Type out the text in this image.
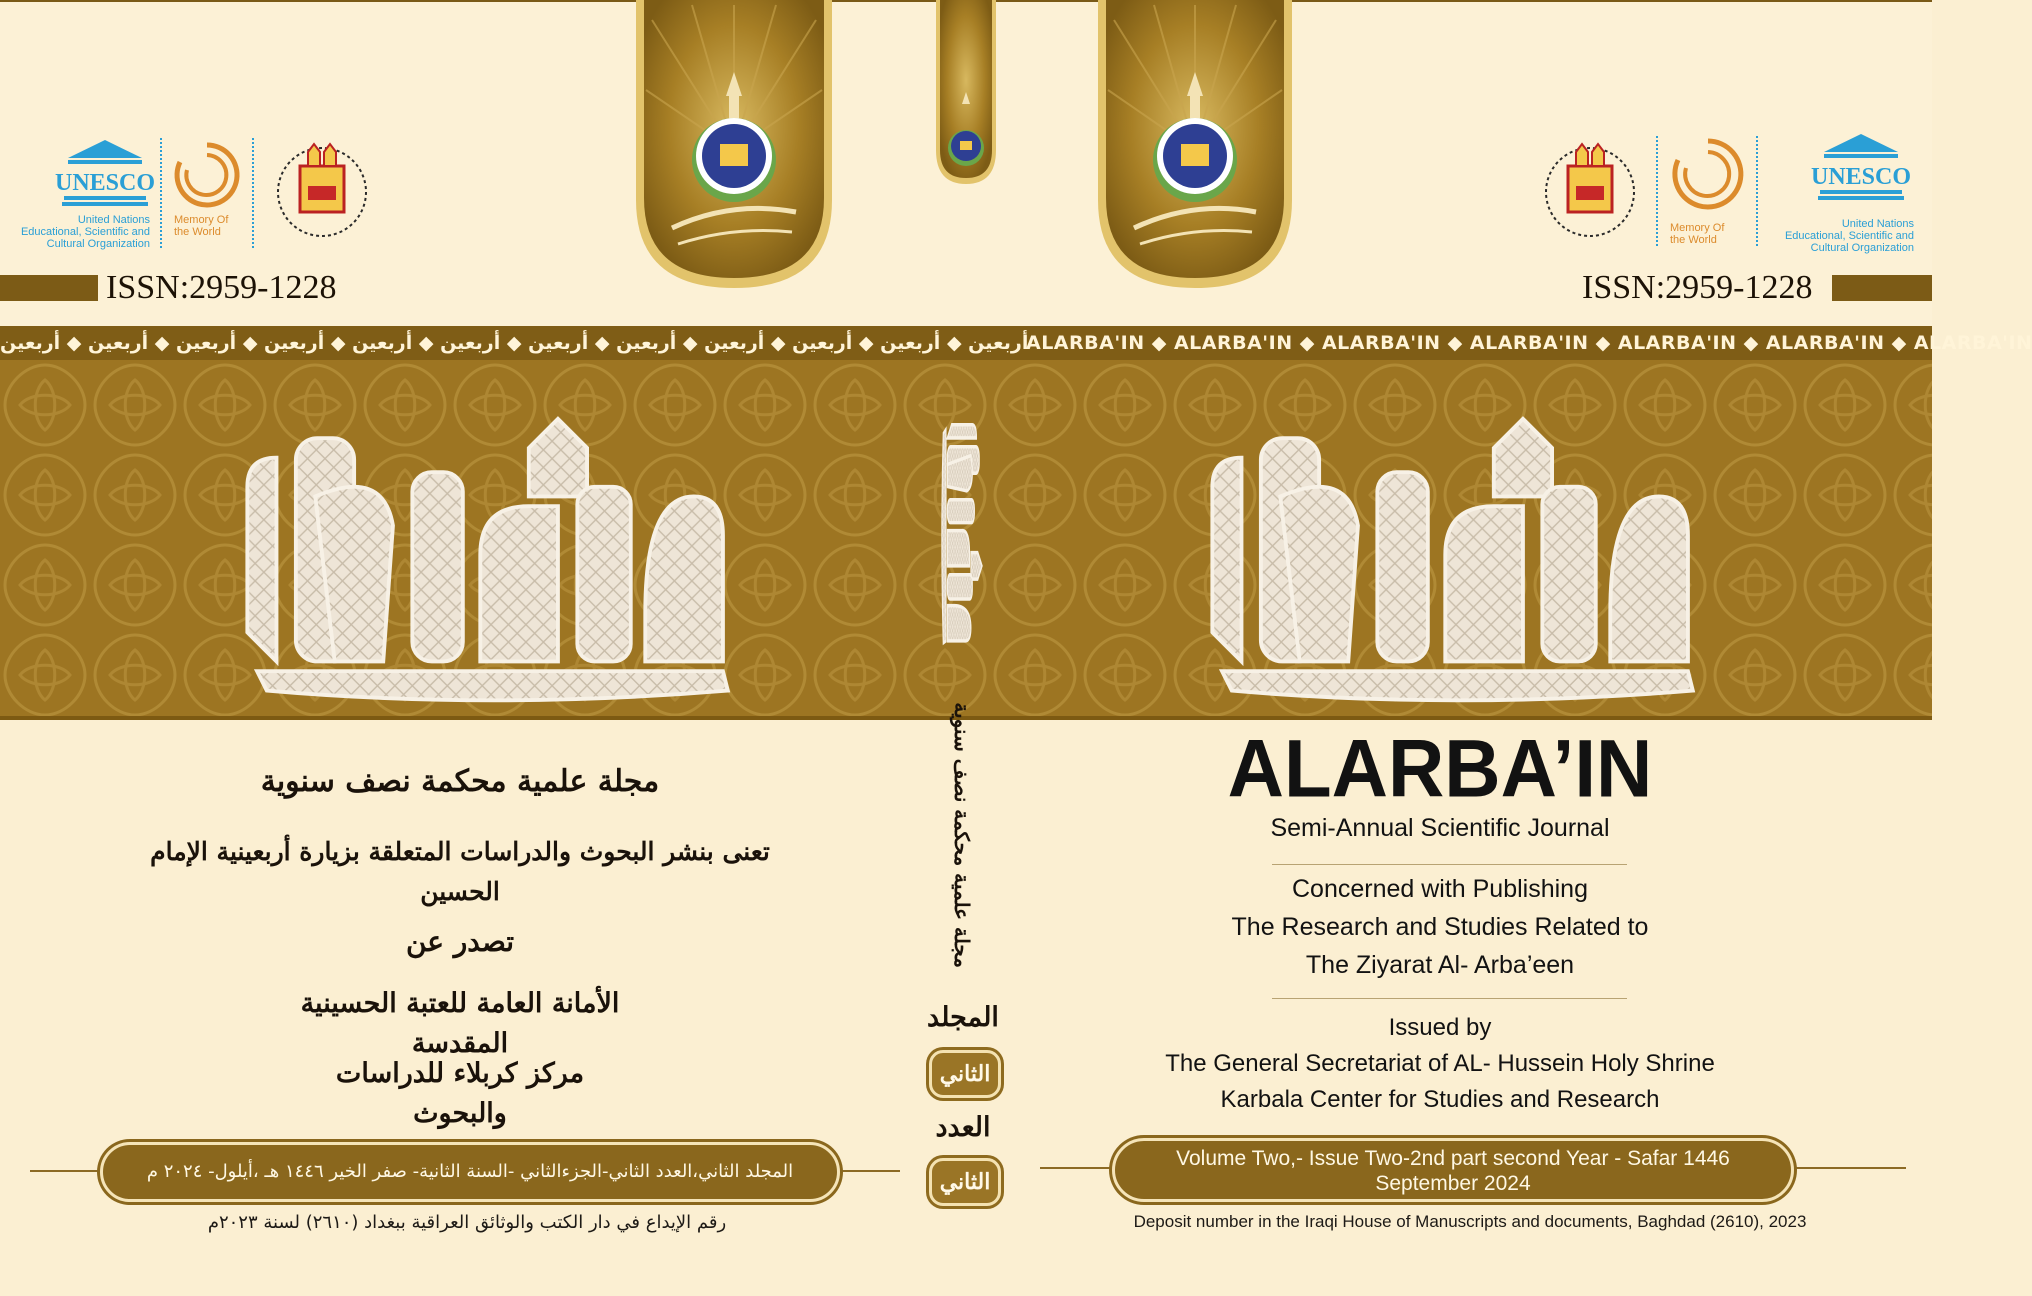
UNESCO
United Nations
Educational, Scientific and
Cultural Organization
Memory Of
the World	Memory Of
the World
UNESCO
United Nations
Educational, Scientific and
Cultural Organization
ISSN:2959-1228	ISSN:2959-1228
أربعين ◆ أربعين ◆ أربعين ◆ أربعين ◆ أربعين ◆ أربعين ◆ أربعين ◆ أربعين ◆ أربعين ◆ أربعين ◆ أربعين ◆ أربعين	ALARBA'IN ◆ ALARBA'IN ◆ ALARBA'IN ◆ ALARBA'IN ◆ ALARBA'IN ◆ ALARBA'IN ◆ ALARBA'IN
ALARBA’IN
Semi-Annual Scientific Journal
Concerned with Publishing
The Research and Studies Related to
The Ziyarat Al- Arba’een
Issued by
The General Secretariat of AL- Hussein Holy Shrine
Karbala Center for Studies and Research
Volume Two,- Issue Two-2nd part second Year - Safar 1446
September 2024
Deposit number in the Iraqi House of Manuscripts and documents, Baghdad (2610), 2023
مجلة علمية محكمة نصف سنوية
المجلد
الثاني
العدد
الثاني
مجلة علمية محكمة نصف سنوية
تعنى بنشر البحوث والدراسات المتعلقة بزيارة أربعينية الإمام الحسين
تصدر عن
الأمانة العامة للعتبة الحسينية المقدسة
مركز كربلاء للدراسات والبحوث
المجلد الثاني،العدد الثاني-الجزءالثاني -السنة الثانية- صفر الخير ١٤٤٦ هـ ،أيلول- ٢٠٢٤ م
رقم الإيداع في دار الكتب والوثائق العراقية ببغداد (٢٦١٠) لسنة ٢٠٢٣م
